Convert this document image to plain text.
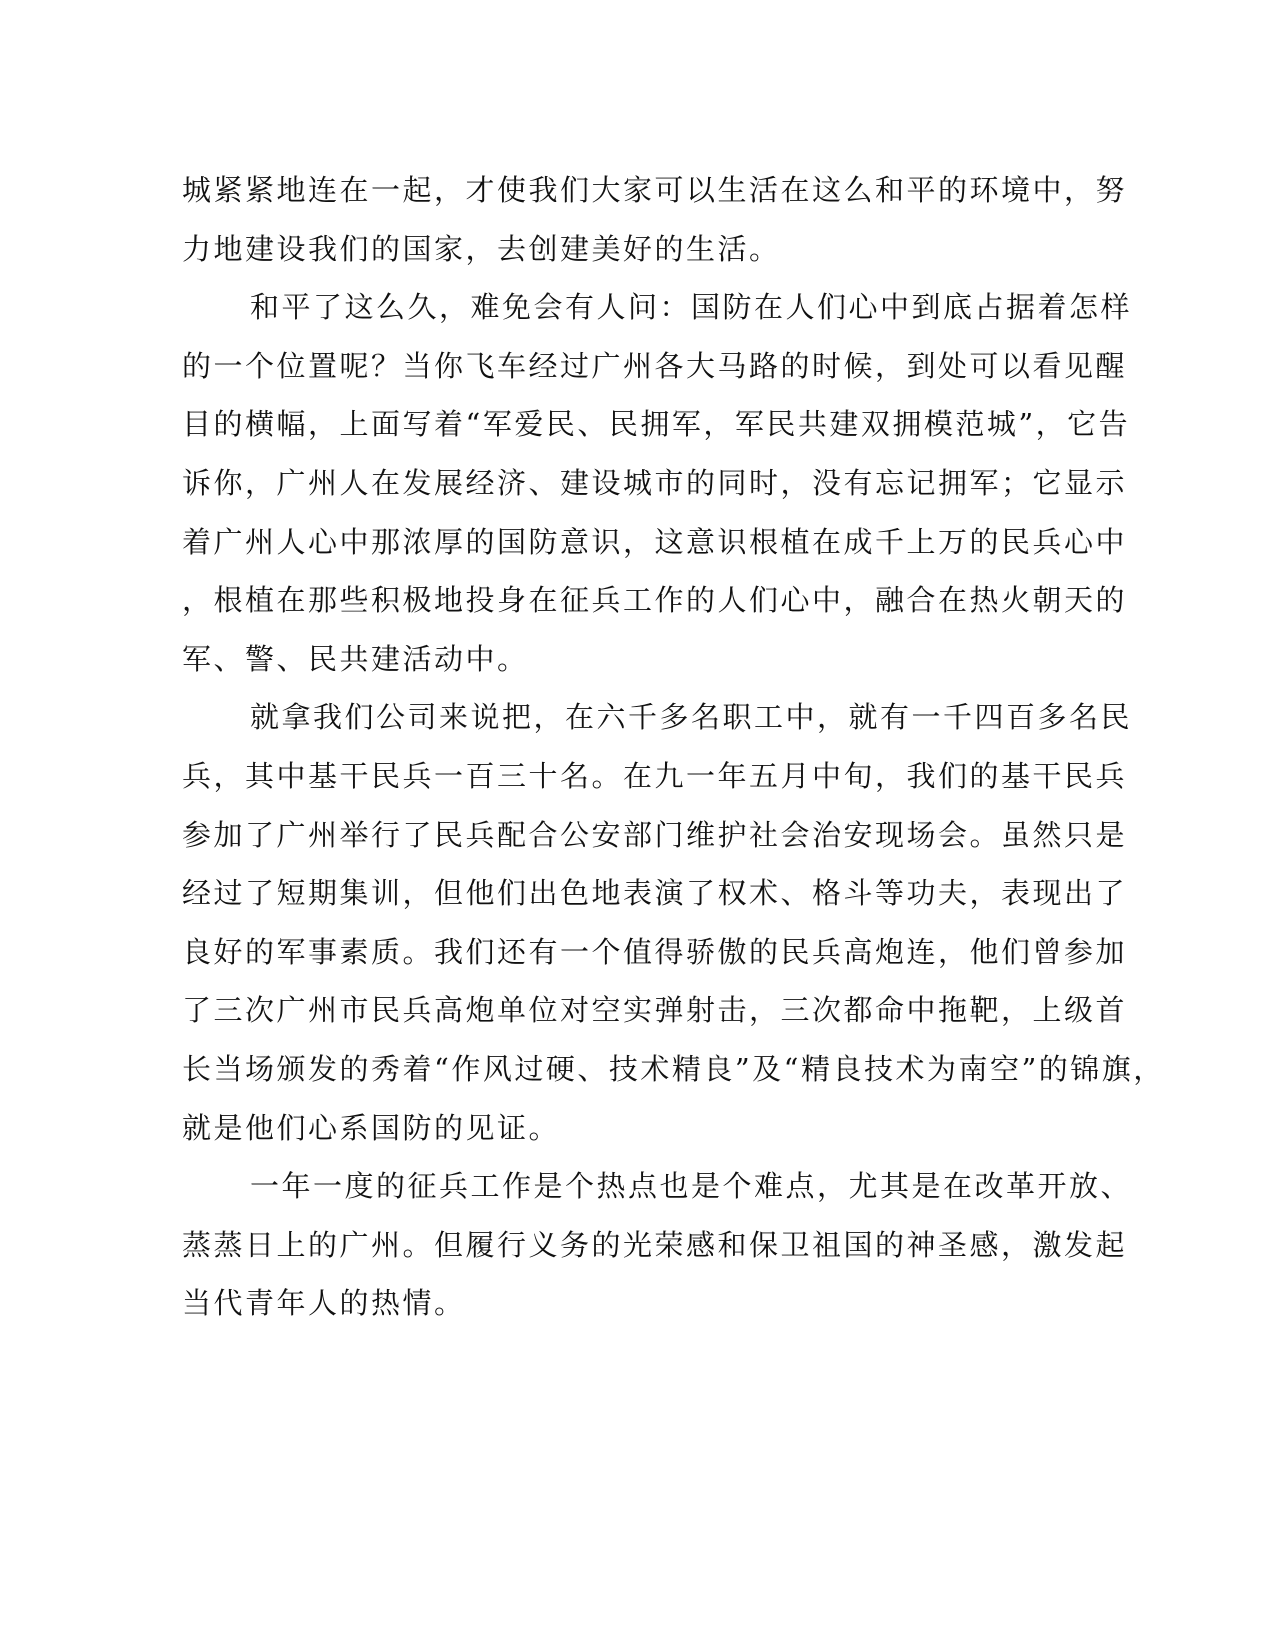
城紧紧地连在一起，才使我们大家可以生活在这么和平的环境中，努
力地建设我们的国家，去创建美好的生活。
和平了这么久，难免会有人问：国防在人们心中到底占据着怎样
的一个位置呢？当你飞车经过广州各大马路的时候，到处可以看见醒
目的横幅，上面写着“军爱民、民拥军，军民共建双拥模范城”，它告
诉你，广州人在发展经济、建设城市的同时，没有忘记拥军；它显示
着广州人心中那浓厚的国防意识，这意识根植在成千上万的民兵心中
，根植在那些积极地投身在征兵工作的人们心中，融合在热火朝天的
军、警、民共建活动中。
就拿我们公司来说把，在六千多名职工中，就有一千四百多名民
兵，其中基干民兵一百三十名。在九一年五月中旬，我们的基干民兵
参加了广州举行了民兵配合公安部门维护社会治安现场会。虽然只是
经过了短期集训，但他们出色地表演了权术、格斗等功夫，表现出了
良好的军事素质。我们还有一个值得骄傲的民兵高炮连，他们曾参加
了三次广州市民兵高炮单位对空实弹射击，三次都命中拖靶，上级首
长当场颁发的秀着“作风过硬、技术精良”及“精良技术为南空”的锦旗，
就是他们心系国防的见证。
一年一度的征兵工作是个热点也是个难点，尤其是在改革开放、
蒸蒸日上的广州。但履行义务的光荣感和保卫祖国的神圣感，激发起
当代青年人的热情。
